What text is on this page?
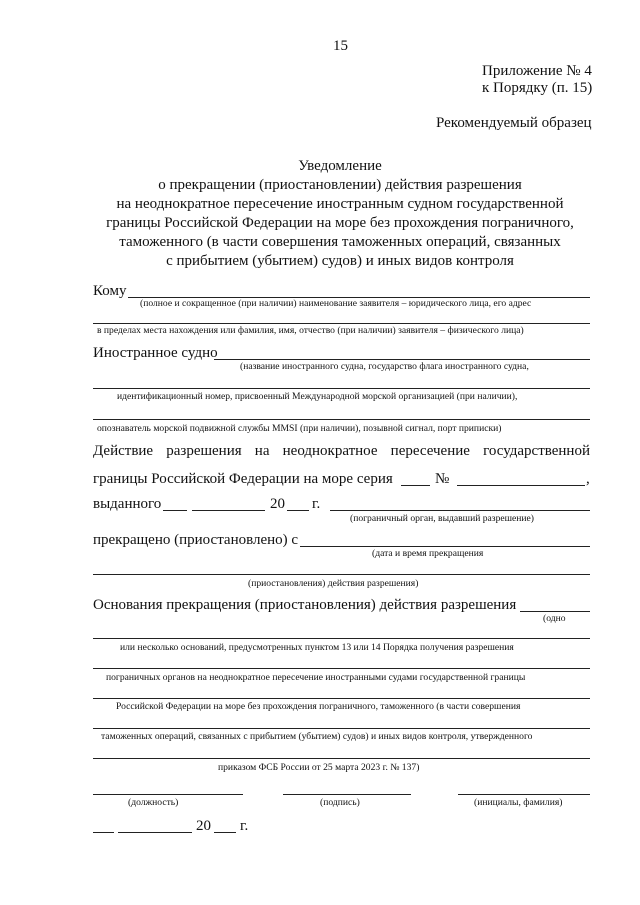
15
Приложение № 4
к Порядку (п. 15)
Рекомендуемый образец
Уведомление
о прекращении (приостановлении) действия разрешения
на неоднократное пересечение иностранным судном государственной
границы Российской Федерации на море без прохождения пограничного,
таможенного (в части совершения таможенных операций, связанных
с прибытием (убытием) судов) и иных видов контроля
Кому
(полное и сокращенное (при наличии) наименование заявителя – юридического лица, его адрес
в пределах места нахождения или фамилия, имя, отчество (при наличии) заявителя – физического лица)
Иностранное судно
(название иностранного судна, государство флага иностранного судна,
идентификационный номер, присвоенный Международной морской организацией (при наличии),
опознаватель морской подвижной службы MMSI (при наличии), позывной сигнал, порт приписки)
Действие разрешения на неоднократное пересечение государственной
границы Российской Федерации на море серия	№	,
выданного	20 г.
(пограничный орган, выдавший разрешение)
прекращено (приостановлено) с
(дата и время прекращения
(приостановления) действия разрешения)
Основания прекращения (приостановления) действия разрешения
(одно
или несколько оснований, предусмотренных пунктом 13 или 14 Порядка получения разрешения
пограничных органов на неоднократное пересечение иностранными судами государственной границы
Российской Федерации на море без прохождения пограничного, таможенного (в части совершения
таможенных операций, связанных с прибытием (убытием) судов) и иных видов контроля, утвержденного
приказом ФСБ России от 25 марта 2023 г. № 137)
(должность)	(подпись)	(инициалы, фамилия)
20 г.
